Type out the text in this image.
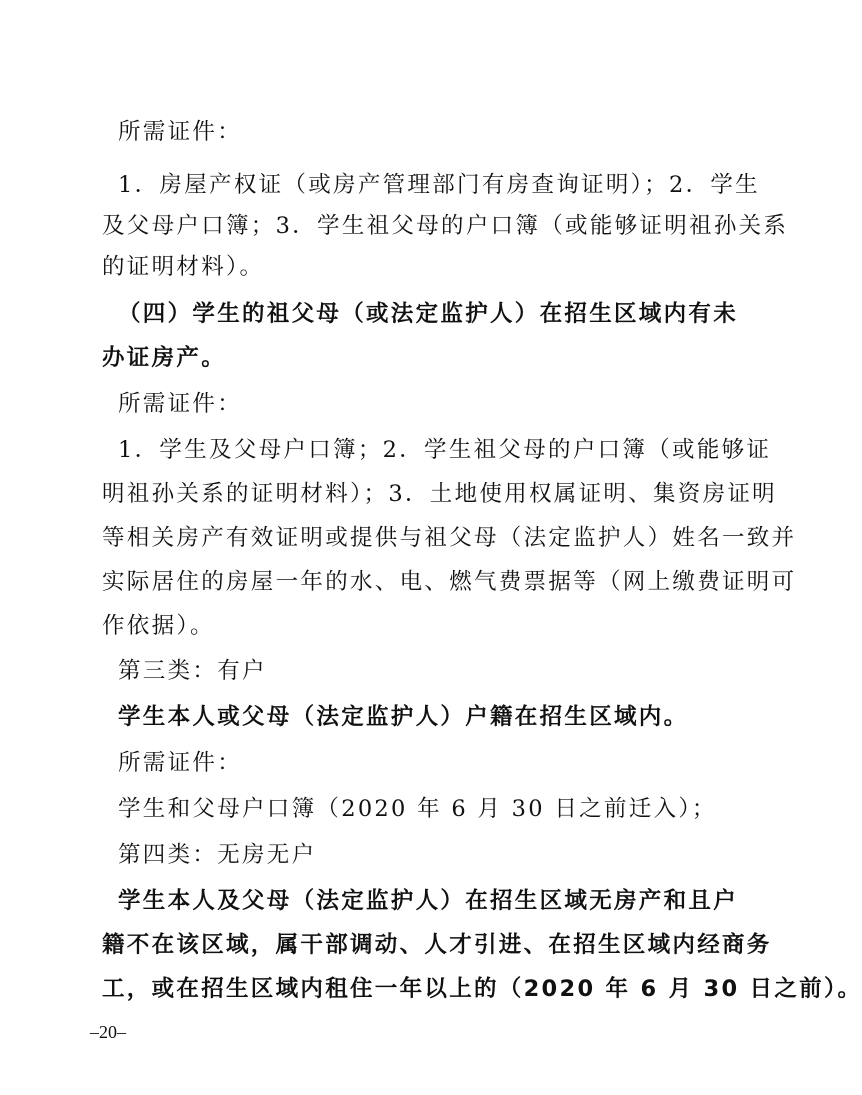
所需证件：
1．房屋产权证（或房产管理部门有房查询证明）；2．学生
及父母户口簿；3．学生祖父母的户口簿（或能够证明祖孙关系
的证明材料）。
（四）学生的祖父母（或法定监护人）在招生区域内有未
办证房产。
所需证件：
1．学生及父母户口簿；2．学生祖父母的户口簿（或能够证
明祖孙关系的证明材料）；3．土地使用权属证明、集资房证明
等相关房产有效证明或提供与祖父母（法定监护人）姓名一致并
实际居住的房屋一年的水、电、燃气费票据等（网上缴费证明可
作依据）。
第三类：有户
学生本人或父母（法定监护人）户籍在招生区域内。
所需证件：
学生和父母户口簿（2020 年 6 月 30 日之前迁入）；
第四类：无房无户
学生本人及父母（法定监护人）在招生区域无房产和且户
籍不在该区域，属干部调动、人才引进、在招生区域内经商务
工，或在招生区域内租住一年以上的（2020 年 6 月 30 日之前）。
–20–
